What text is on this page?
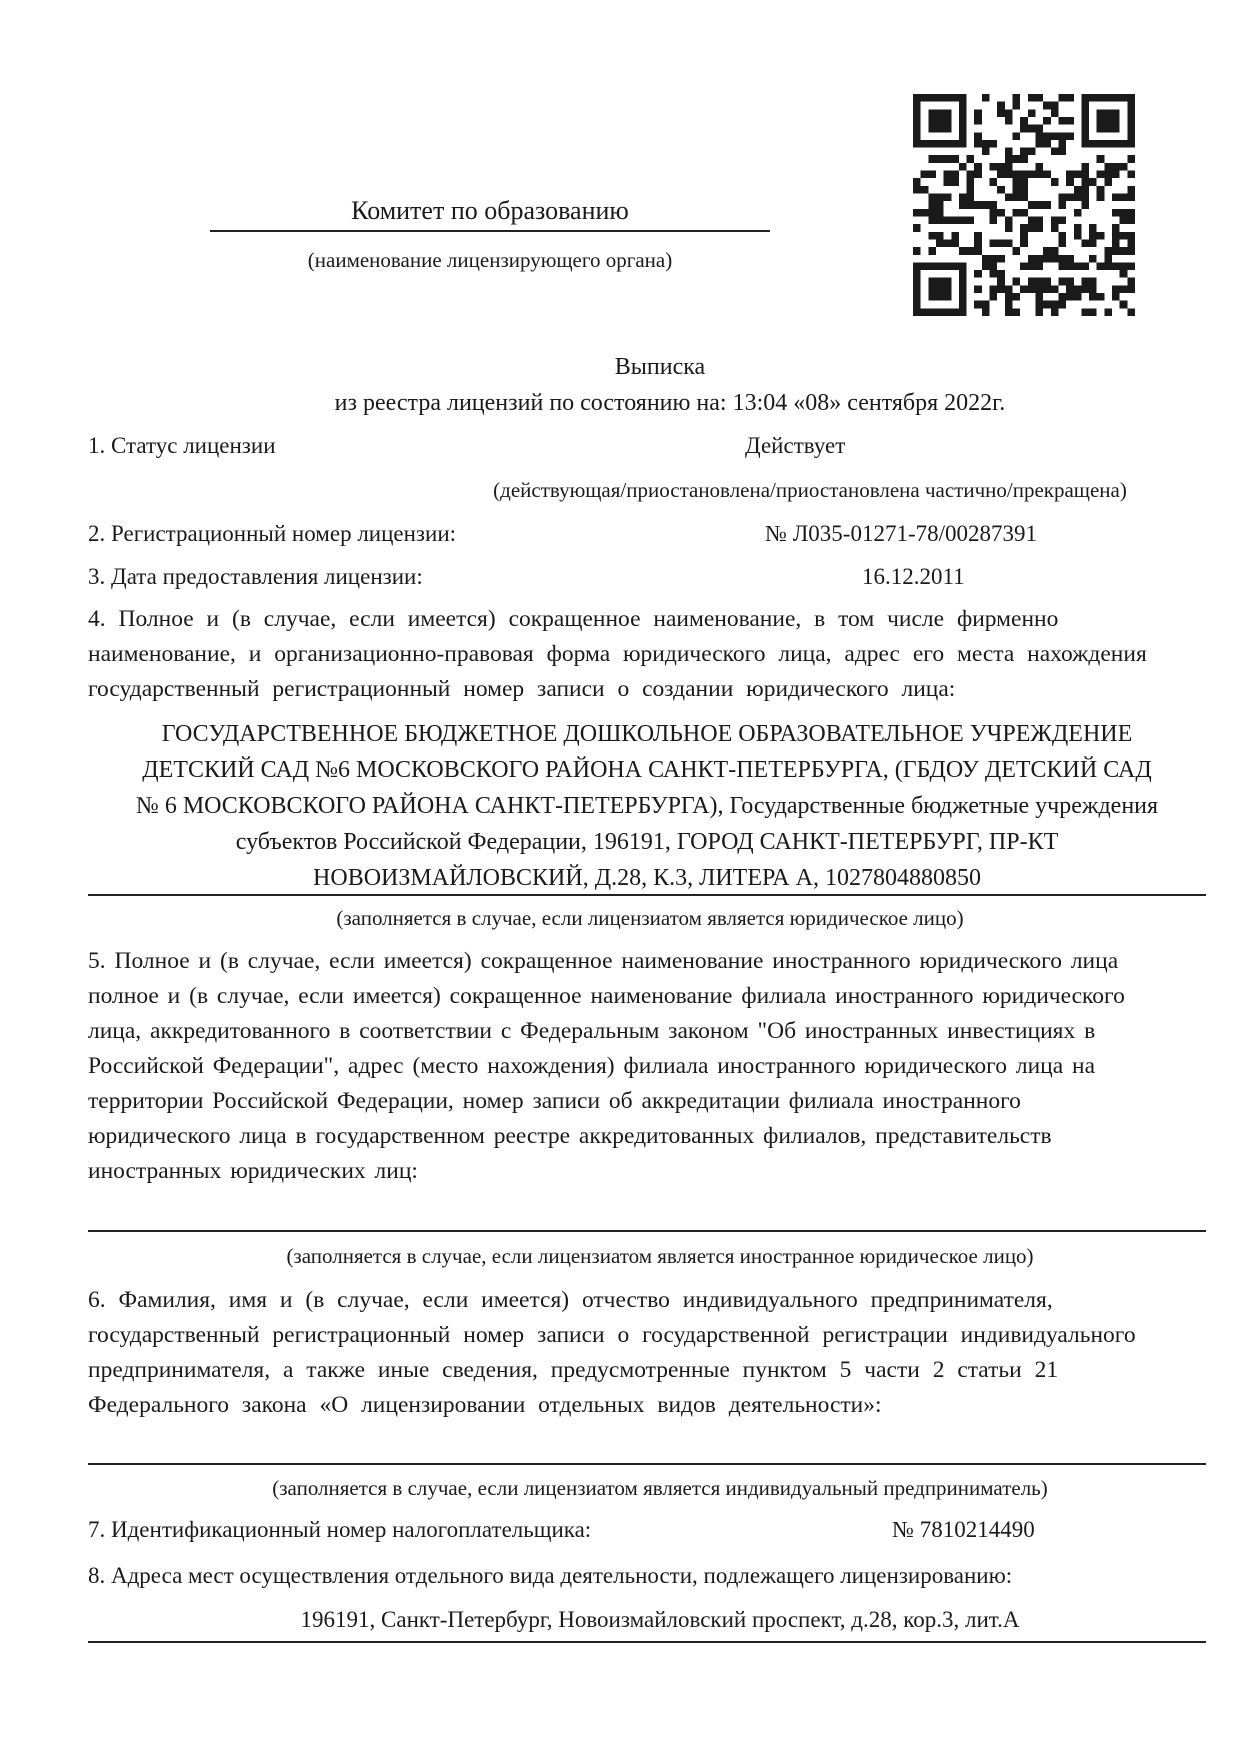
Комитет по образованию
(наименование лицензирующего органа)
Выписка
из реестра лицензий по состоянию на: 13:04 «08» сентября 2022г.
1. Статус лицензии	Действует
(действующая/приостановлена/приостановлена частично/прекращена)
2. Регистрационный номер лицензии:	№ Л035-01271-78/00287391
3. Дата предоставления лицензии:	16.12.2011
4. Полное и (в случае, если имеется) сокращенное наименование, в том числе фирменно
наименование, и организационно-правовая форма юридического лица, адрес его места нахождения
государственный регистрационный номер записи о создании юридического лица:
ГОСУДАРСТВЕННОЕ БЮДЖЕТНОЕ ДОШКОЛЬНОЕ ОБРАЗОВАТЕЛЬНОЕ УЧРЕЖДЕНИЕ
ДЕТСКИЙ САД №6 МОСКОВСКОГО РАЙОНА САНКТ-ПЕТЕРБУРГА, (ГБДОУ ДЕТСКИЙ САД
№ 6 МОСКОВСКОГО РАЙОНА САНКТ-ПЕТЕРБУРГА), Государственные бюджетные учреждения
субъектов Российской Федерации, 196191, ГОРОД САНКТ-ПЕТЕРБУРГ, ПР-КТ
НОВОИЗМАЙЛОВСКИЙ, Д.28, К.3, ЛИТЕРА А, 1027804880850
(заполняется в случае, если лицензиатом является юридическое лицо)
5. Полное и (в случае, если имеется) сокращенное наименование иностранного юридического лица
полное и (в случае, если имеется) сокращенное наименование филиала иностранного юридического
лица, аккредитованного в соответствии с Федеральным законом "Об иностранных инвестициях в
Российской Федерации", адрес (место нахождения) филиала иностранного юридического лица на
территории Российской Федерации, номер записи об аккредитации филиала иностранного
юридического лица в государственном реестре аккредитованных филиалов, представительств
иностранных юридических лиц:
(заполняется в случае, если лицензиатом является иностранное юридическое лицо)
6. Фамилия, имя и (в случае, если имеется) отчество индивидуального предпринимателя,
государственный регистрационный номер записи о государственной регистрации индивидуального
предпринимателя, а также иные сведения, предусмотренные пунктом 5 части 2 статьи 21
Федерального закона «О лицензировании отдельных видов деятельности»:
(заполняется в случае, если лицензиатом является индивидуальный предприниматель)
7. Идентификационный номер налогоплательщика:	№ 7810214490
8. Адреса мест осуществления отдельного вида деятельности, подлежащего лицензированию:
196191, Санкт-Петербург, Новоизмайловский проспект, д.28, кор.3, лит.А
